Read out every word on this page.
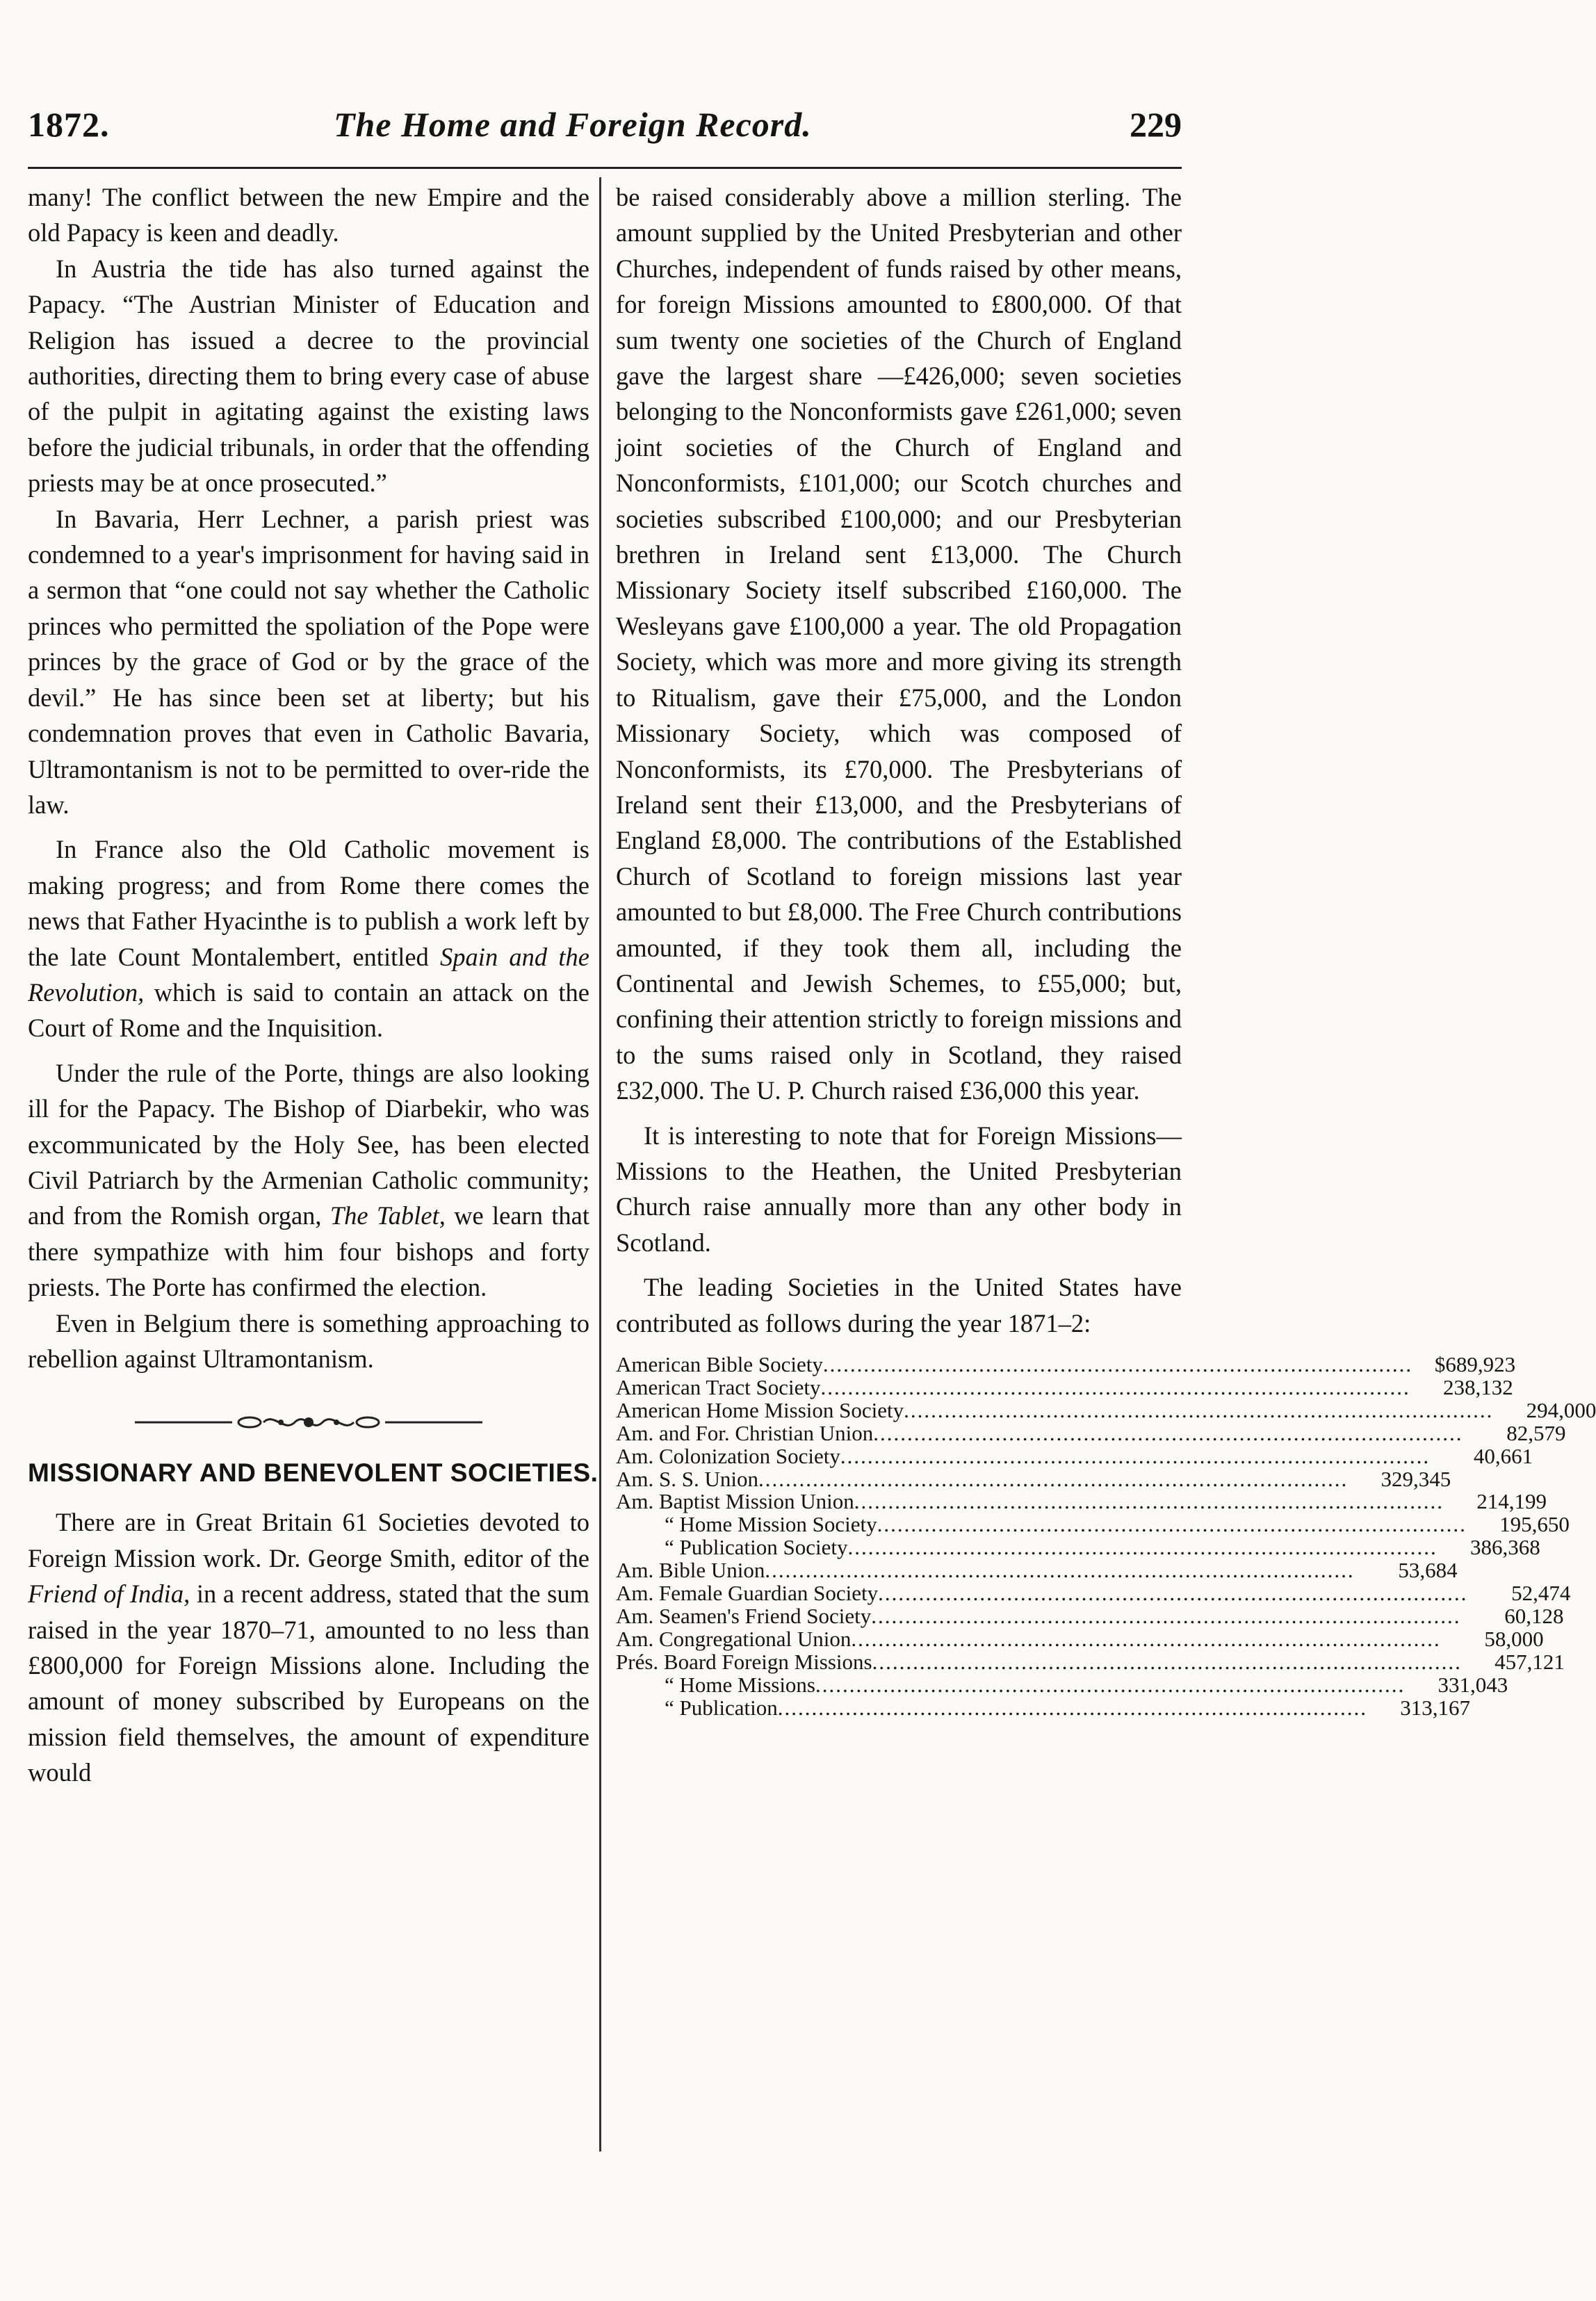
1872.	The Home and Foreign Record.	229

many! The conflict between the new Empire and the old Papacy is keen and deadly.

In Austria the tide has also turned against the Papacy. “The Austrian Minister of Education and Religion has issued a decree to the provincial authorities, directing them to bring every case of abuse of the pulpit in agitating against the existing laws before the judicial tribunals, in order that the offending priests may be at once prosecuted.”

In Bavaria, Herr Lechner, a parish priest was condemned to a year's imprisonment for having said in a sermon that “one could not say whether the Catholic princes who permitted the spoliation of the Pope were princes by the grace of God or by the grace of the devil.” He has since been set at liberty; but his condemnation proves that even in Catholic Bavaria, Ultramontanism is not to be permitted to over-ride the law.

In France also the Old Catholic movement is making progress; and from Rome there comes the news that Father Hyacinthe is to publish a work left by the late Count Montalembert, entitled Spain and the Revolution, which is said to contain an attack on the Court of Rome and the Inquisition.

Under the rule of the Porte, things are also looking ill for the Papacy. The Bishop of Diarbekir, who was excommunicated by the Holy See, has been elected Civil Patriarch by the Armenian Catholic community; and from the Romish organ, The Tablet, we learn that there sympathize with him four bishops and forty priests. The Porte has confirmed the election.

Even in Belgium there is something approaching to rebellion against Ultramontanism.

MISSIONARY AND BENEVOLENT SOCIETIES.

There are in Great Britain 61 Societies devoted to Foreign Mission work. Dr. George Smith, editor of the Friend of India, in a recent address, stated that the sum raised in the year 1870–71, amounted to no less than £800,000 for Foreign Missions alone. Including the amount of money subscribed by Europeans on the mission field themselves, the amount of expenditure would

be raised considerably above a million sterling. The amount supplied by the United Presbyterian and other Churches, independent of funds raised by other means, for foreign Missions amounted to £800,000. Of that sum twenty one societies of the Church of England gave the largest share —£426,000; seven societies belonging to the Nonconformists gave £261,000; seven joint societies of the Church of England and Nonconformists, £101,000; our Scotch churches and societies subscribed £100,000; and our Presbyterian brethren in Ireland sent £13,000. The Church Missionary Society itself subscribed £160,000. The Wesleyans gave £100,000 a year. The old Propagation Society, which was more and more giving its strength to Ritualism, gave their £75,000, and the London Missionary Society, which was composed of Nonconformists, its £70,000. The Presbyterians of Ireland sent their £13,000, and the Presbyterians of England £8,000. The contributions of the Established Church of Scotland to foreign missions last year amounted to but £8,000. The Free Church contributions amounted, if they took them all, including the Continental and Jewish Schemes, to £55,000; but, confining their attention strictly to foreign missions and to the sums raised only in Scotland, they raised £32,000. The U. P. Church raised £36,000 this year.

It is interesting to note that for Foreign Missions—Missions to the Heathen, the United Presbyterian Church raise annually more than any other body in Scotland.

The leading Societies in the United States have contributed as follows during the year 1871–2:

American Bible Society .....	$689,923
American Tract Society .....	238,132
American Home Mission Society .....	294,000
Am. and For. Christian Union .....	82,579
Am. Colonization Society .....	40,661
Am. S. S. Union .....	329,345
Am. Baptist Mission Union .....	214,199
“ Home Mission Society .....	195,650
“ Publication Society .....	386,368
Am. Bible Union .....	53,684
Am. Female Guardian Society .....	52,474
Am. Seamen's Friend Society .....	60,128
Am. Congregational Union .....	58,000
Prés. Board Foreign Missions .....	457,121
“ Home Missions .....	331,043
“ Publication .....	313,167
